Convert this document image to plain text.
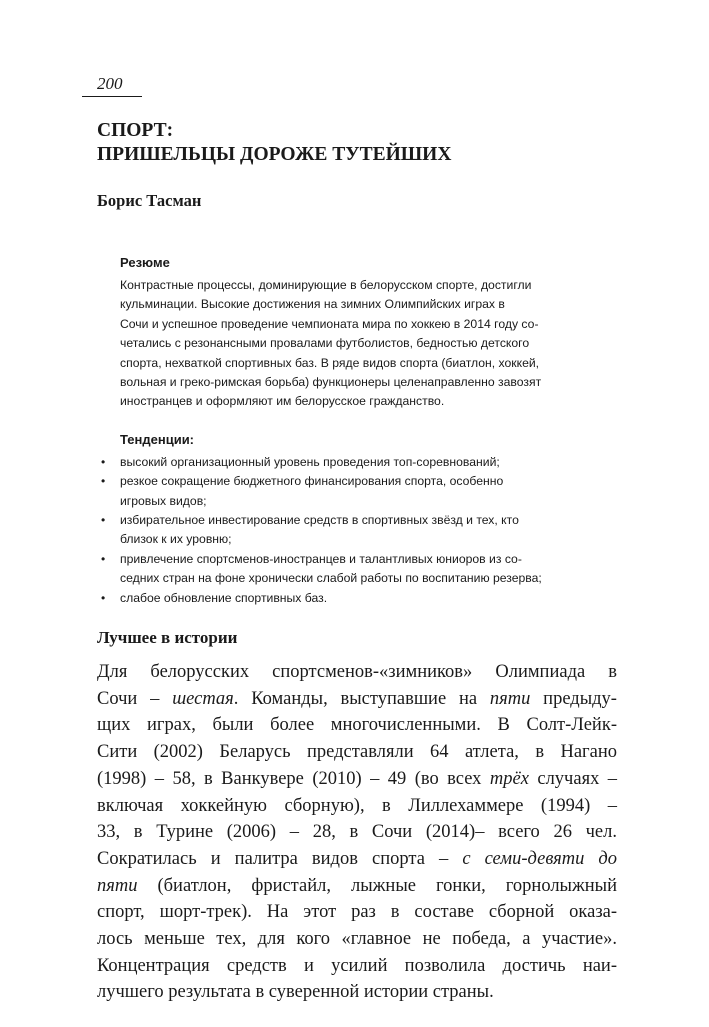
200
СПОРТ:
ПРИШЕЛЬЦЫ ДОРОЖЕ ТУТЕЙШИХ
Борис Тасман
Резюме
Контрастные процессы, доминирующие в белорусском спорте, достигли
кульминации. Высокие достижения на зимних Олимпийских играх в
Сочи и успешное проведение чемпионата мира по хоккею в 2014 году со-
четались с резонансными провалами футболистов, бедностью детского
спорта, нехваткой спортивных баз. В ряде видов спорта (биатлон, хоккей,
вольная и греко-римская борьба) функционеры целенаправленно завозят
иностранцев и оформляют им белорусское гражданство.
Тенденции:
• высокий организационный уровень проведения топ-соревнований;
• резкое сокращение бюджетного финансирования спорта, особенно
игровых видов;
• избирательное инвестирование средств в спортивных звёзд и тех, кто
близок к их уровню;
• привлечение спортсменов-иностранцев и талантливых юниоров из со-
седних стран на фоне хронически слабой работы по воспитанию резерва;
• слабое обновление спортивных баз.
Лучшее в истории
Для белорусских спортсменов-«зимников» Олимпиада в
Сочи – шестая. Команды, выступавшие на пяти предыду-
щих играх, были более многочисленными. В Солт-Лейк-
Сити (2002) Беларусь представляли 64 атлета, в Нагано
(1998) – 58, в Ванкувере (2010) – 49 (во всех трёх случаях –
включая хоккейную сборную), в Лиллехаммере (1994) –
33, в Турине (2006) – 28, в Сочи (2014)– всего 26 чел.
Сократилась и палитра видов спорта – с семи-девяти до
пяти (биатлон, фристайл, лыжные гонки, горнолыжный
спорт, шорт-трек). На этот раз в составе сборной оказа-
лось меньше тех, для кого «главное не победа, а участие».
Концентрация средств и усилий позволила достичь наи-
лучшего результата в суверенной истории страны.
